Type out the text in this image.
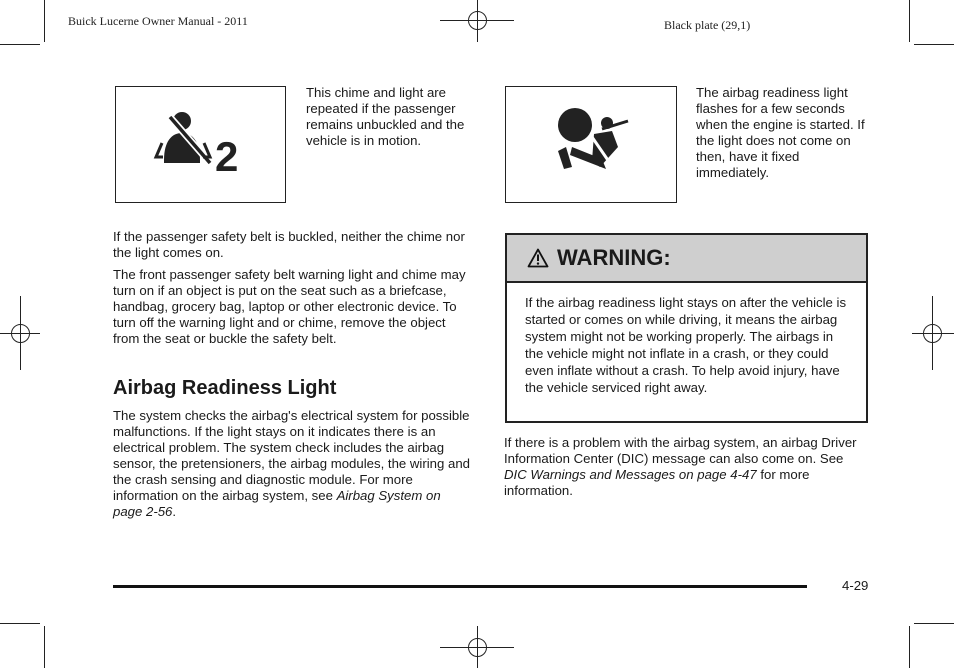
Buick Lucerne Owner Manual - 2011	Black plate (29,1)
2

This chime and light are repeated if the passenger remains unbuckled and the vehicle is in motion.

If the passenger safety belt is buckled, neither the chime nor the light comes on.

The front passenger safety belt warning light and chime may turn on if an object is put on the seat such as a briefcase, handbag, grocery bag, laptop or other electronic device. To turn off the warning light and or chime, remove the object from the seat or buckle the safety belt.

Airbag Readiness Light

The system checks the airbag's electrical system for possible malfunctions. If the light stays on it indicates there is an electrical problem. The system check includes the airbag sensor, the pretensioners, the airbag modules, the wiring and the crash sensing and diagnostic module. For more information on the airbag system, see Airbag System on page 2-56.

The airbag readiness light flashes for a few seconds when the engine is started. If the light does not come on then, have it fixed immediately.

WARNING:
If the airbag readiness light stays on after the vehicle is started or comes on while driving, it means the airbag system might not be working properly. The airbags in the vehicle might not inflate in a crash, or they could even inflate without a crash. To help avoid injury, have the vehicle serviced right away.

If there is a problem with the airbag system, an airbag Driver Information Center (DIC) message can also come on. See DIC Warnings and Messages on page 4-47 for more information.

4-29
